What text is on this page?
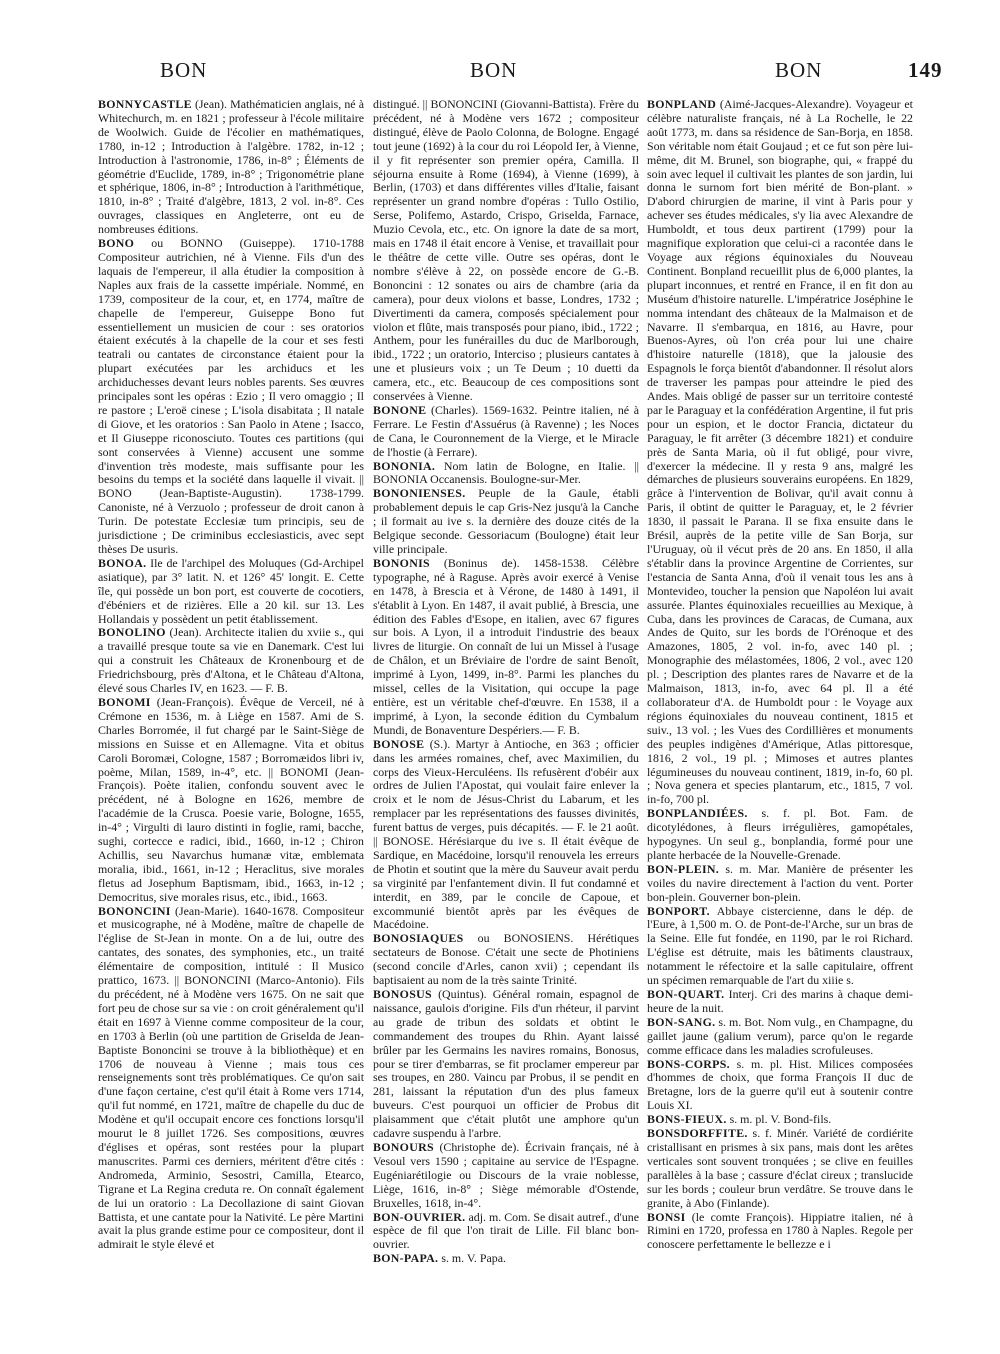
BON	BON	BON	149

BONNYCASTLE (Jean). Mathématicien anglais, né à Whitechurch, m. en 1821 ; professeur à l'école militaire de Woolwich. Guide de l'écolier en mathématiques, 1780, in-12 ; Introduction à l'algèbre. 1782, in-12 ; Introduction à l'astronomie, 1786, in-8° ; Éléments de géométrie d'Euclide, 1789, in-8° ; Trigonométrie plane et sphérique, 1806, in-8° ; Introduction à l'arithmétique, 1810, in-8° ; Traité d'algèbre, 1813, 2 vol. in-8°. Ces ouvrages, classiques en Angleterre, ont eu de nombreuses éditions.

BONO ou BONNO (Guiseppe). 1710-1788 Compositeur autrichien, né à Vienne. Fils d'un des laquais de l'empereur, il alla étudier la composition à Naples aux frais de la cassette impériale. Nommé, en 1739, compositeur de la cour, et, en 1774, maître de chapelle de l'empereur, Guiseppe Bono fut essentiellement un musicien de cour : ses oratorios étaient exécutés à la chapelle de la cour et ses festi teatrali ou cantates de circonstance étaient pour la plupart exécutées par les archiducs et les archiduchesses devant leurs nobles parents. Ses œuvres principales sont les opéras : Ezio ; Il vero omaggio ; Il re pastore ; L'eroë cinese ; L'isola disabitata ; Il natale di Giove, et les oratorios : San Paolo in Atene ; Isacco, et Il Giuseppe riconosciuto. Toutes ces partitions (qui sont conservées à Vienne) accusent une somme d'invention très modeste, mais suffisante pour les besoins du temps et la société dans laquelle il vivait. || BONO (Jean-Baptiste-Augustin). 1738-1799. Canoniste, né à Verzuolo ; professeur de droit canon à Turin. De potestate Ecclesiæ tum principis, seu de jurisdictione ; De criminibus ecclesiasticis, avec sept thèses De usuris.

BONOA. Ile de l'archipel des Moluques (Gd-Archipel asiatique), par 3° latit. N. et 126° 45' longit. E. Cette île, qui possède un bon port, est couverte de cocotiers, d'ébéniers et de rizières. Elle a 20 kil. sur 13. Les Hollandais y possèdent un petit établissement.

BONOLINO (Jean). Architecte italien du xviie s., qui a travaillé presque toute sa vie en Danemark. C'est lui qui a construit les Châteaux de Kronenbourg et de Friedrichsbourg, près d'Altona, et le Château d'Altona, élevé sous Charles IV, en 1623. — F. B.

BONOMI (Jean-François). Évêque de Verceil, né à Crémone en 1536, m. à Liège en 1587. Ami de S. Charles Borromée, il fut chargé par le Saint-Siège de missions en Suisse et en Allemagne. Vita et obitus Caroli Boromæi, Cologne, 1587 ; Borromæidos libri iv, poème, Milan, 1589, in-4°, etc. || BONOMI (Jean-François). Poète italien, confondu souvent avec le précédent, né à Bologne en 1626, membre de l'académie de la Crusca. Poesie varie, Bologne, 1655, in-4° ; Virgulti di lauro distinti in foglie, rami, bacche, sughi, cortecce e radici, ibid., 1660, in-12 ; Chiron Achillis, seu Navarchus humanæ vitæ, emblemata moralia, ibid., 1661, in-12 ; Heraclitus, sive morales fletus ad Josephum Baptismam, ibid., 1663, in-12 ; Democritus, sive morales risus, etc., ibid., 1663.

BONONCINI (Jean-Marie). 1640-1678. Compositeur et musicographe, né à Modène, maître de chapelle de l'église de St-Jean in monte. On a de lui, outre des cantates, des sonates, des symphonies, etc., un traité élémentaire de composition, intitulé : Il Musico prattico, 1673. || BONONCINI (Marco-Antonio). Fils du précédent, né à Modène vers 1675. On ne sait que fort peu de chose sur sa vie : on croit généralement qu'il était en 1697 à Vienne comme compositeur de la cour, en 1703 à Berlin (où une partition de Griselda de Jean-Baptiste Bononcini se trouve à la bibliothèque) et en 1706 de nouveau à Vienne ; mais tous ces renseignements sont très problématiques. Ce qu'on sait d'une façon certaine, c'est qu'il était à Rome vers 1714, qu'il fut nommé, en 1721, maître de chapelle du duc de Modène et qu'il occupait encore ces fonctions lorsqu'il mourut le 8 juillet 1726. Ses compositions, œuvres d'églises et opéras, sont restées pour la plupart manuscrites. Parmi ces derniers, méritent d'être cités : Andromeda, Arminio, Sesostri, Camilla, Etearco, Tigrane et La Regina creduta re. On connaît également de lui un oratorio : La Decollazione di saint Giovan Battista, et une cantate pour la Nativité. Le père Martini avait la plus grande estime pour ce compositeur, dont il admirait le style élevé et

distingué. || BONONCINI (Giovanni-Battista). Frère du précédent, né à Modène vers 1672 ; compositeur distingué, élève de Paolo Colonna, de Bologne. Engagé tout jeune (1692) à la cour du roi Léopold Ier, à Vienne, il y fit représenter son premier opéra, Camilla. Il séjourna ensuite à Rome (1694), à Vienne (1699), à Berlin, (1703) et dans différentes villes d'Italie, faisant représenter un grand nombre d'opéras : Tullo Ostilio, Serse, Polifemo, Astardo, Crispo, Griselda, Farnace, Muzio Cevola, etc., etc. On ignore la date de sa mort, mais en 1748 il était encore à Venise, et travaillait pour le théâtre de cette ville. Outre ses opéras, dont le nombre s'élève à 22, on possède encore de G.-B. Bononcini : 12 sonates ou airs de chambre (aria da camera), pour deux violons et basse, Londres, 1732 ; Divertimenti da camera, composés spécialement pour violon et flûte, mais transposés pour piano, ibid., 1722 ; Anthem, pour les funérailles du duc de Marlborough, ibid., 1722 ; un oratorio, Interciso ; plusieurs cantates à une et plusieurs voix ; un Te Deum ; 10 duetti da camera, etc., etc. Beaucoup de ces compositions sont conservées à Vienne.

BONONE (Charles). 1569-1632. Peintre italien, né à Ferrare. Le Festin d'Assuérus (à Ravenne) ; les Noces de Cana, le Couronnement de la Vierge, et le Miracle de l'hostie (à Ferrare).

BONONIA. Nom latin de Bologne, en Italie. || BONONIA Occanensis. Boulogne-sur-Mer.

BONONIENSES. Peuple de la Gaule, établi probablement depuis le cap Gris-Nez jusqu'à la Canche ; il formait au ive s. la dernière des douze cités de la Belgique seconde. Gessoriacum (Boulogne) était leur ville principale.

BONONIS (Boninus de). 1458-1538. Célèbre typographe, né à Raguse. Après avoir exercé à Venise en 1478, à Brescia et à Vérone, de 1480 à 1491, il s'établit à Lyon. En 1487, il avait publié, à Brescia, une édition des Fables d'Esope, en italien, avec 67 figures sur bois. A Lyon, il a introduit l'industrie des beaux livres de liturgie. On connaît de lui un Missel à l'usage de Châlon, et un Bréviaire de l'ordre de saint Benoît, imprimé à Lyon, 1499, in-8°. Parmi les planches du missel, celles de la Visitation, qui occupe la page entière, est un véritable chef-d'œuvre. En 1538, il a imprimé, à Lyon, la seconde édition du Cymbalum Mundi, de Bonaventure Despériers.— F. B.

BONOSE (S.). Martyr à Antioche, en 363 ; officier dans les armées romaines, chef, avec Maximilien, du corps des Vieux-Herculéens. Ils refusèrent d'obéir aux ordres de Julien l'Apostat, qui voulait faire enlever la croix et le nom de Jésus-Christ du Labarum, et les remplacer par les représentations des fausses divinités, furent battus de verges, puis décapités. — F. le 21 août. || BONOSE. Hérésiarque du ive s. Il était évêque de Sardique, en Macédoine, lorsqu'il renouvela les erreurs de Photin et soutint que la mère du Sauveur avait perdu sa virginité par l'enfantement divin. Il fut condamné et interdit, en 389, par le concile de Capoue, et excommunié bientôt après par les évêques de Macédoine.

BONOSIAQUES ou BONOSIENS. Hérétiques sectateurs de Bonose. C'était une secte de Photiniens (second concile d'Arles, canon xvii) ; cependant ils baptisaient au nom de la très sainte Trinité.

BONOSUS (Quintus). Général romain, espagnol de naissance, gaulois d'origine. Fils d'un rhéteur, il parvint au grade de tribun des soldats et obtint le commandement des troupes du Rhin. Ayant laissé brûler par les Germains les navires romains, Bonosus, pour se tirer d'embarras, se fit proclamer empereur par ses troupes, en 280. Vaincu par Probus, il se pendit en 281, laissant la réputation d'un des plus fameux buveurs. C'est pourquoi un officier de Probus dit plaisamment que c'était plutôt une amphore qu'un cadavre suspendu à l'arbre.

BONOURS (Christophe de). Écrivain français, né à Vesoul vers 1590 ; capitaine au service de l'Espagne. Eugéniarétilogie ou Discours de la vraie noblesse, Liège, 1616, in-8° ; Siège mémorable d'Ostende, Bruxelles, 1618, in-4°.

BON-OUVRIER. adj. m. Com. Se disait autref., d'une espèce de fil que l'on tirait de Lille. Fil blanc bon-ouvrier.

BON-PAPA. s. m. V. Papa.

BONPLAND (Aimé-Jacques-Alexandre). Voyageur et célèbre naturaliste français, né à La Rochelle, le 22 août 1773, m. dans sa résidence de San-Borja, en 1858. Son véritable nom était Goujaud ; et ce fut son père lui-même, dit M. Brunel, son biographe, qui, « frappé du soin avec lequel il cultivait les plantes de son jardin, lui donna le surnom fort bien mérité de Bon-plant. » D'abord chirurgien de marine, il vint à Paris pour y achever ses études médicales, s'y lia avec Alexandre de Humboldt, et tous deux partirent (1799) pour la magnifique exploration que celui-ci a racontée dans le Voyage aux régions équinoxiales du Nouveau Continent. Bonpland recueillit plus de 6,000 plantes, la plupart inconnues, et rentré en France, il en fit don au Muséum d'histoire naturelle. L'impératrice Joséphine le nomma intendant des châteaux de la Malmaison et de Navarre. Il s'embarqua, en 1816, au Havre, pour Buenos-Ayres, où l'on créa pour lui une chaire d'histoire naturelle (1818), que la jalousie des Espagnols le força bientôt d'abandonner. Il résolut alors de traverser les pampas pour atteindre le pied des Andes. Mais obligé de passer sur un territoire contesté par le Paraguay et la confédération Argentine, il fut pris pour un espion, et le doctor Francia, dictateur du Paraguay, le fit arrêter (3 décembre 1821) et conduire près de Santa Maria, où il fut obligé, pour vivre, d'exercer la médecine. Il y resta 9 ans, malgré les démarches de plusieurs souverains européens. En 1829, grâce à l'intervention de Bolivar, qu'il avait connu à Paris, il obtint de quitter le Paraguay, et, le 2 février 1830, il passait le Parana. Il se fixa ensuite dans le Brésil, auprès de la petite ville de San Borja, sur l'Uruguay, où il vécut près de 20 ans. En 1850, il alla s'établir dans la province Argentine de Corrientes, sur l'estancia de Santa Anna, d'où il venait tous les ans à Montevideo, toucher la pension que Napoléon lui avait assurée. Plantes équinoxiales recueillies au Mexique, à Cuba, dans les provinces de Caracas, de Cumana, aux Andes de Quito, sur les bords de l'Orénoque et des Amazones, 1805, 2 vol. in-fo, avec 140 pl. ; Monographie des mélastomées, 1806, 2 vol., avec 120 pl. ; Description des plantes rares de Navarre et de la Malmaison, 1813, in-fo, avec 64 pl. Il a été collaborateur d'A. de Humboldt pour : le Voyage aux régions équinoxiales du nouveau continent, 1815 et suiv., 13 vol. ; les Vues des Cordillières et monuments des peuples indigènes d'Amérique, Atlas pittoresque, 1816, 2 vol., 19 pl. ; Mimoses et autres plantes légumineuses du nouveau continent, 1819, in-fo, 60 pl. ; Nova genera et species plantarum, etc., 1815, 7 vol. in-fo, 700 pl.

BONPLANDIÉES. s. f. pl. Bot. Fam. de dicotylédones, à fleurs irrégulières, gamopétales, hypogynes. Un seul g., bonplandia, formé pour une plante herbacée de la Nouvelle-Grenade.

BON-PLEIN. s. m. Mar. Manière de présenter les voiles du navire directement à l'action du vent. Porter bon-plein. Gouverner bon-plein.

BONPORT. Abbaye cistercienne, dans le dép. de l'Eure, à 1,500 m. O. de Pont-de-l'Arche, sur un bras de la Seine. Elle fut fondée, en 1190, par le roi Richard. L'église est détruite, mais les bâtiments claustraux, notamment le réfectoire et la salle capitulaire, offrent un spécimen remarquable de l'art du xiiie s.

BON-QUART. Interj. Cri des marins à chaque demi-heure de la nuit.

BON-SANG. s. m. Bot. Nom vulg., en Champagne, du gaillet jaune (galium verum), parce qu'on le regarde comme efficace dans les maladies scrofuleuses.

BONS-CORPS. s. m. pl. Hist. Milices composées d'hommes de choix, que forma François II duc de Bretagne, lors de la guerre qu'il eut à soutenir contre Louis XI.

BONS-FIEUX. s. m. pl. V. Bond-fils.

BONSDORFFITE. s. f. Minér. Variété de cordiérite cristallisant en prismes à six pans, mais dont les arêtes verticales sont souvent tronquées ; se clive en feuilles parallèles à la base ; cassure d'éclat cireux ; translucide sur les bords ; couleur brun verdâtre. Se trouve dans le granite, à Abo (Finlande).

BONSI (le comte François). Hippiatre italien, né à Rimini en 1720, professa en 1780 à Naples. Regole per conoscere perfettamente le bellezze e i
